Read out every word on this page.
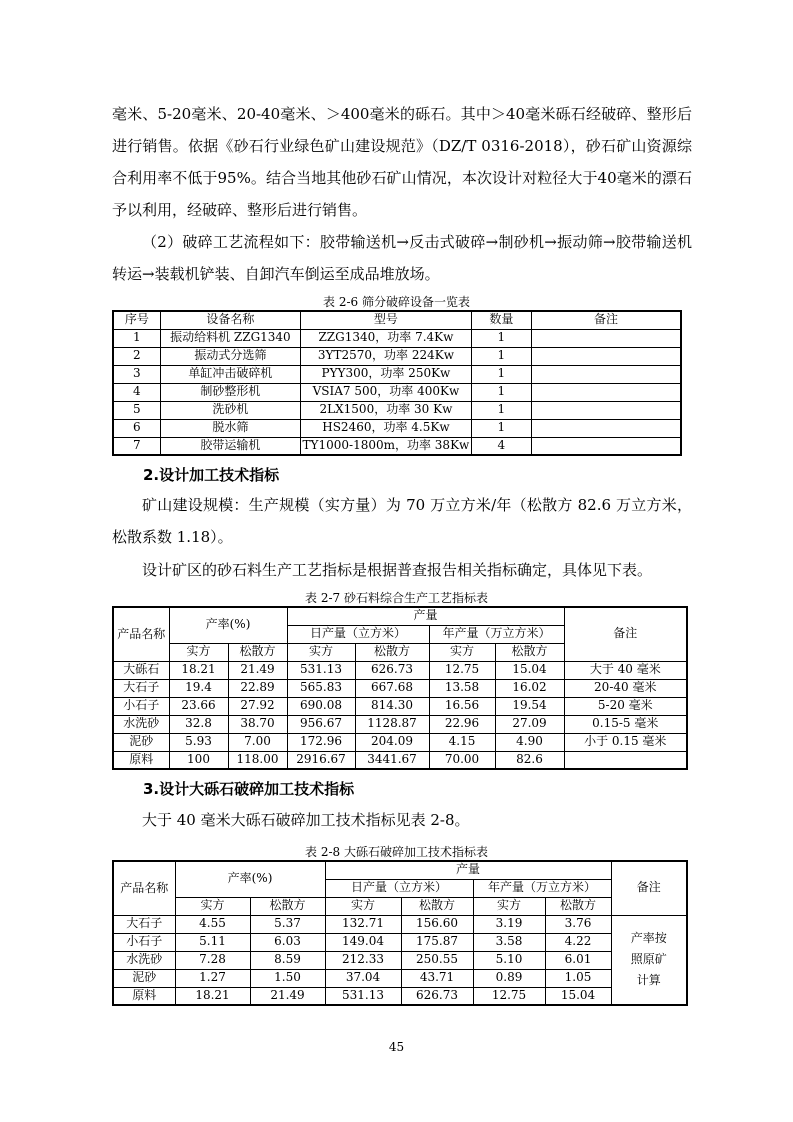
毫米、5-20毫米、20-40毫米、＞400毫米的砾石。其中＞40毫米砾石经破碎、整形后进行销售。依据《砂石行业绿色矿山建设规范》（DZ/T 0316-2018），砂石矿山资源综合利用率不低于95%。结合当地其他砂石矿山情况，本次设计对粒径大于40毫米的漂石予以利用，经破碎、整形后进行销售。

（2）破碎工艺流程如下：胶带输送机→反击式破碎→制砂机→振动筛→胶带输送机转运→装载机铲装、自卸汽车倒运至成品堆放场。

表 2-6 筛分破碎设备一览表

序号	设备名称	型号	数量	备注
1	振动给料机 ZZG1340	ZZG1340，功率 7.4Kw	1	
2	振动式分选筛	3YT2570，功率 224Kw	1	
3	单缸冲击破碎机	PYY300，功率 250Kw	1	
4	制砂整形机	VSIA7 500，功率 400Kw	1	
5	洗砂机	2LX1500，功率 30 Kw	1	
6	脱水筛	HS2460，功率 4.5Kw	1	
7	胶带运输机	TY1000-1800m，功率 38Kw	4	

2.设计加工技术指标

矿山建设规模：生产规模（实方量）为 70 万立方米/年（松散方 82.6 万立方米，松散系数 1.18）。

设计矿区的砂石料生产工艺指标是根据普查报告相关指标确定，具体见下表。

表 2-7 砂石料综合生产工艺指标表

产品名称	产率(%)		产量				备注
			日产量（立方米）		年产量（万立方米）		
	实方	松散方	实方	松散方	实方	松散方	
大砾石	18.21	21.49	531.13	626.73	12.75	15.04	大于 40 毫米
大石子	19.4	22.89	565.83	667.68	13.58	16.02	20-40 毫米
小石子	23.66	27.92	690.08	814.30	16.56	19.54	5-20 毫米
水洗砂	32.8	38.70	956.67	1128.87	22.96	27.09	0.15-5 毫米
泥砂	5.93	7.00	172.96	204.09	4.15	4.90	小于 0.15 毫米
原料	100	118.00	2916.67	3441.67	70.00	82.6	

3.设计大砾石破碎加工技术指标

大于 40 毫米大砾石破碎加工技术指标见表 2-8。

表 2-8 大砾石破碎加工技术指标表

产品名称	产率(%)		产量				备注
			日产量（立方米）		年产量（万立方米）		
	实方	松散方	实方	松散方	实方	松散方	
大石子	4.55	5.37	132.71	156.60	3.19	3.76	产率按照原矿计算
小石子	5.11	6.03	149.04	175.87	3.58	4.22	
水洗砂	7.28	8.59	212.33	250.55	5.10	6.01	
泥砂	1.27	1.50	37.04	43.71	0.89	1.05	
原料	18.21	21.49	531.13	626.73	12.75	15.04	

45
